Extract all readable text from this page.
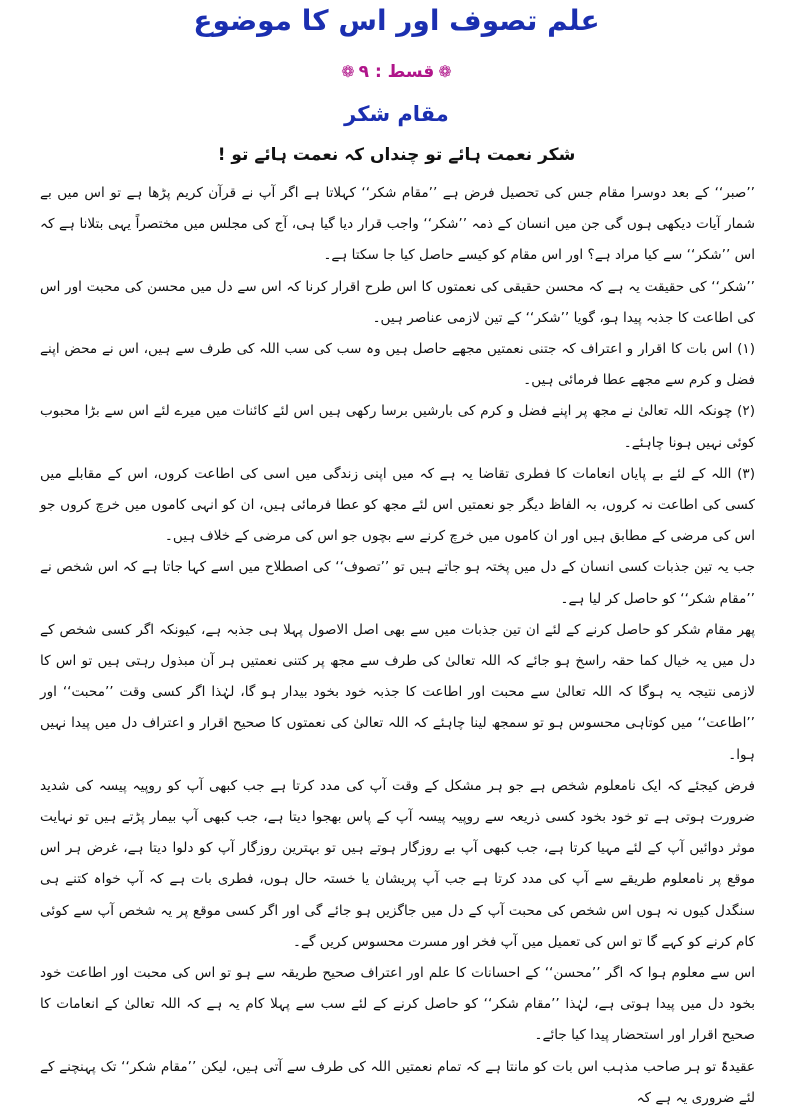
علم تصوف اور اس کا موضوع
❁قسط : ۹❁
مقام شکر
شکر نعمت ہائے تو چنداں کہ نعمت ہائے تو !

’’صبر‘‘ کے بعد دوسرا مقام جس کی تحصیل فرض ہے ’’مقام شکر‘‘ کہلاتا ہے اگر آپ نے قرآن کریم پڑھا ہے تو اس میں بے شمار آیات دیکھی ہوں گی جن میں انسان کے ذمہ ’’شکر‘‘ واجب قرار دیا گیا ہی، آج کی مجلس میں مختصراً یہی بتلانا ہے کہ اس ’’شکر‘‘ سے کیا مراد ہے؟ اور اس مقام کو کیسے حاصل کیا جا سکتا ہے۔

’’شکر‘‘ کی حقیقت یہ ہے کہ محسن حقیقی کی نعمتوں کا اس طرح اقرار کرنا کہ اس سے دل میں محسن کی محبت اور اس کی اطاعت کا جذبہ پیدا ہو، گویا ’’شکر‘‘ کے تین لازمی عناصر ہیں۔

(۱) اس بات کا اقرار و اعتراف کہ جتنی نعمتیں مجھے حاصل ہیں وہ سب کی سب اللہ کی طرف سے ہیں، اس نے محض اپنے فضل و کرم سے مجھے عطا فرمائی ہیں۔

(۲) چونکہ اللہ تعالیٰ نے مجھ پر اپنے فضل و کرم کی بارشیں برسا رکھی ہیں اس لئے کائنات میں میرے لئے اس سے بڑا محبوب کوئی نہیں ہونا چاہئے۔

(۳) اللہ کے لئے بے پایاں انعامات کا فطری تقاضا یہ ہے کہ میں اپنی زندگی میں اسی کی اطاعت کروں، اس کے مقابلے میں کسی کی اطاعت نہ کروں، بہ الفاظ دیگر جو نعمتیں اس لئے مجھ کو عطا فرمائی ہیں، ان کو انہی کاموں میں خرچ کروں جو اس کی مرضی کے مطابق ہیں اور ان کاموں میں خرچ کرنے سے بچوں جو اس کی مرضی کے خلاف ہیں۔

جب یہ تین جذبات کسی انسان کے دل میں پختہ ہو جاتے ہیں تو ’’تصوف‘‘ کی اصطلاح میں اسے کہا جاتا ہے کہ اس شخص نے ’’مقام شکر‘‘ کو حاصل کر لیا ہے۔

پھر مقام شکر کو حاصل کرنے کے لئے ان تین جذبات میں سے بھی اصل الاصول پہلا ہی جذبہ ہے، کیونکہ اگر کسی شخص کے دل میں یہ خیال کما حقہ راسخ ہو جائے کہ اللہ تعالیٰ کی طرف سے مجھ پر کتنی نعمتیں ہر آن مبذول رہتی ہیں تو اس کا لازمی نتیجہ یہ ہوگا کہ اللہ تعالیٰ سے محبت اور اطاعت کا جذبہ خود بخود بیدار ہو گا، لہٰذا اگر کسی وقت ’’محبت‘‘ اور ’’اطاعت‘‘ میں کوتاہی محسوس ہو تو سمجھ لینا چاہئے کہ اللہ تعالیٰ کی نعمتوں کا صحیح اقرار و اعتراف دل میں پیدا نہیں ہوا۔

فرض کیجئے کہ ایک نامعلوم شخص ہے جو ہر مشکل کے وقت آپ کی مدد کرتا ہے جب کبھی آپ کو روپیہ پیسہ کی شدید ضرورت ہوتی ہے تو خود بخود کسی ذریعہ سے روپیہ پیسہ آپ کے پاس بھجوا دیتا ہے، جب کبھی آپ بیمار پڑتے ہیں تو نہایت موثر دوائیں آپ کے لئے مہیا کرتا ہے، جب کبھی آپ بے روزگار ہوتے ہیں تو بہترین روزگار آپ کو دلوا دیتا ہے، غرض ہر اس موقع پر نامعلوم طریقے سے آپ کی مدد کرتا ہے جب آپ پریشان یا خستہ حال ہوں، فطری بات ہے کہ آپ خواہ کتنے ہی سنگدل کیوں نہ ہوں اس شخص کی محبت آپ کے دل میں جاگزیں ہو جائے گی اور اگر کسی موقع پر یہ شخص آپ سے کوئی کام کرنے کو کہے گا تو اس کی تعمیل میں آپ فخر اور مسرت محسوس کریں گے۔

اس سے معلوم ہوا کہ اگر ’’محسن‘‘ کے احسانات کا علم اور اعتراف صحیح طریقہ سے ہو تو اس کی محبت اور اطاعت خود بخود دل میں پیدا ہوتی ہے، لہٰذا ’’مقام شکر‘‘ کو حاصل کرنے کے لئے سب سے پہلا کام یہ ہے کہ اللہ تعالیٰ کے انعامات کا صحیح اقرار اور استحضار پیدا کیا جائے۔

عقیدۃً تو ہر صاحب مذہب اس بات کو مانتا ہے کہ تمام نعمتیں اللہ کی طرف سے آتی ہیں، لیکن ’’مقام شکر‘‘ تک پہنچنے کے لئے ضروری یہ ہے کہ
